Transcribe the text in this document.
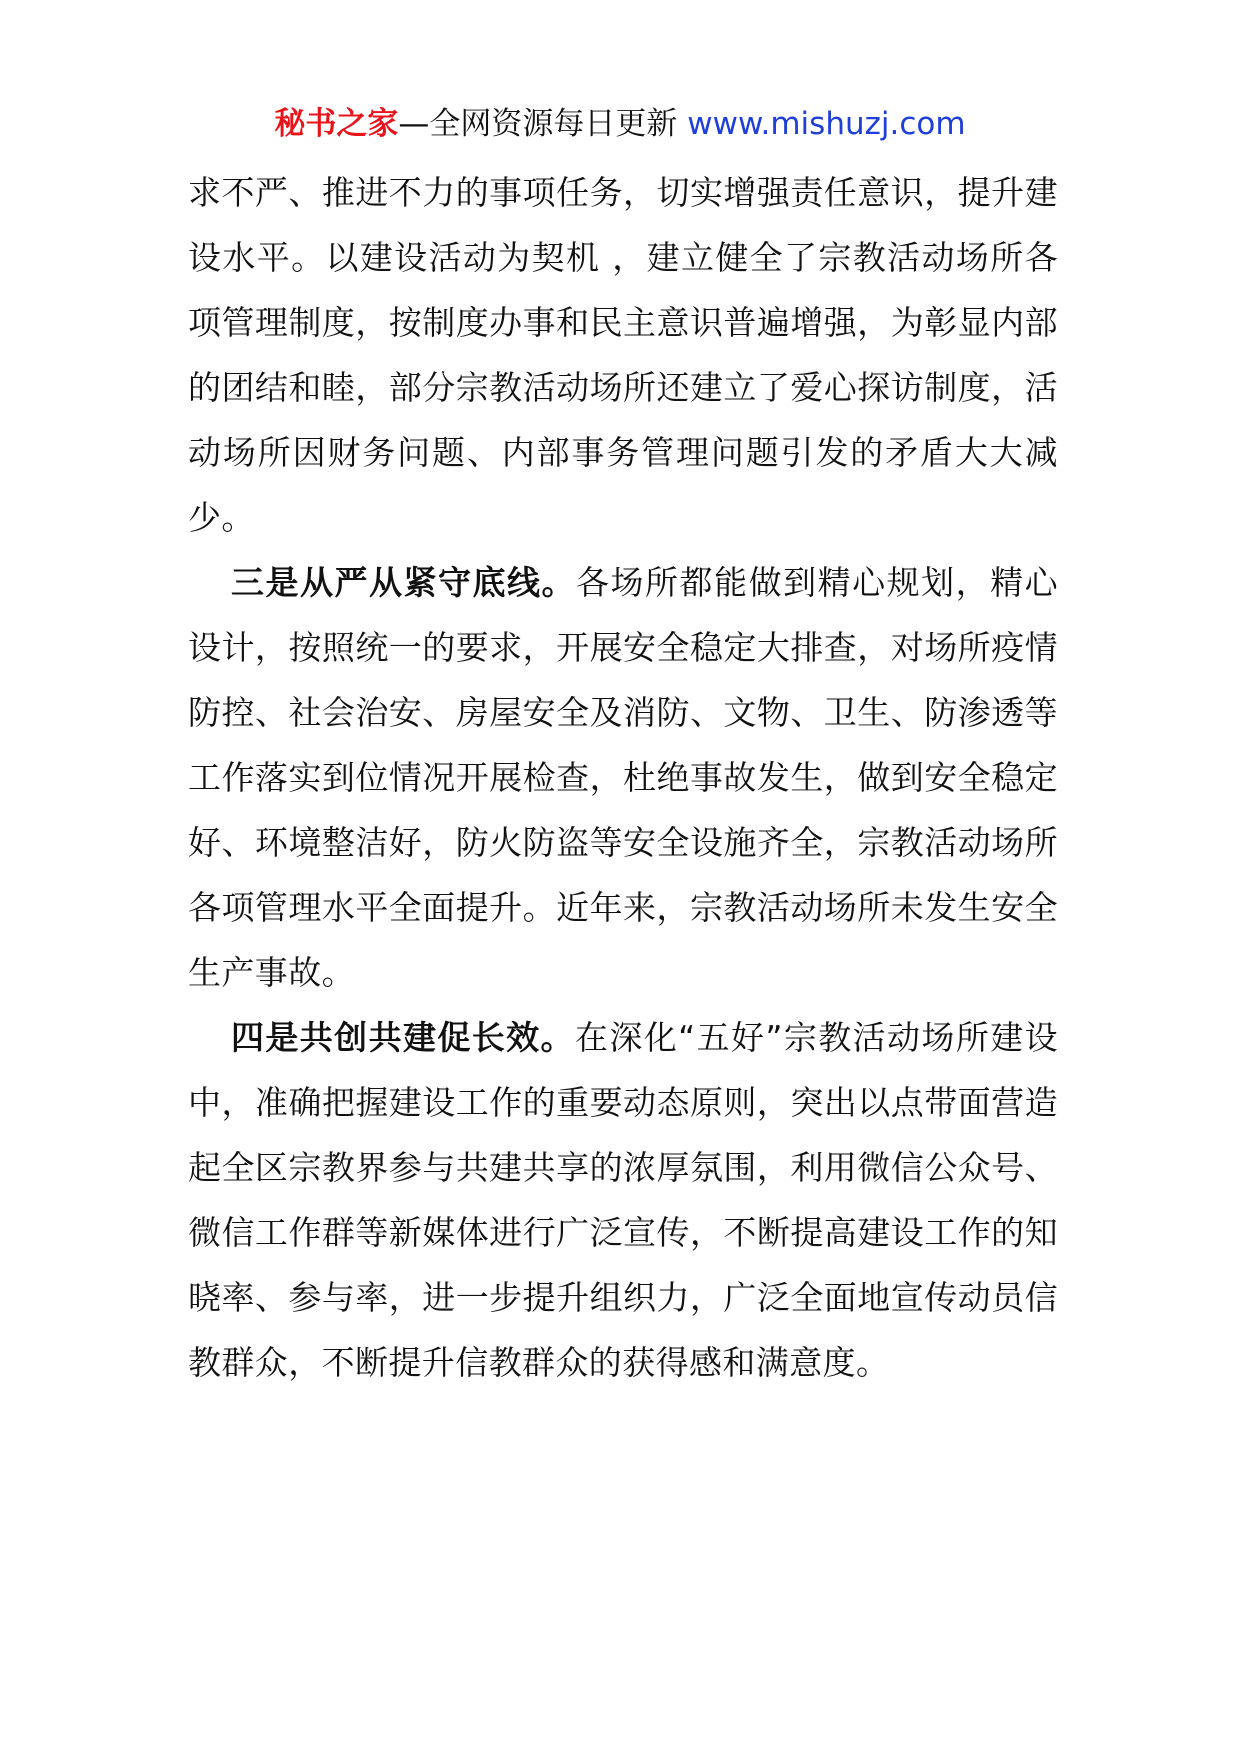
秘书之家—全网资源每日更新 www.mishuzj.com

求不严、推进不力的事项任务，切实增强责任意识，提升建设水平。以建设活动为契机 ，建立健全了宗教活动场所各项管理制度，按制度办事和民主意识普遍增强，为彰显内部的团结和睦，部分宗教活动场所还建立了爱心探访制度，活动场所因财务问题、内部事务管理问题引发的矛盾大大减少。

三是从严从紧守底线。各场所都能做到精心规划，精心设计，按照统一的要求，开展安全稳定大排查，对场所疫情防控、社会治安、房屋安全及消防、文物、卫生、防渗透等工作落实到位情况开展检查，杜绝事故发生，做到安全稳定好、环境整洁好，防火防盗等安全设施齐全，宗教活动场所各项管理水平全面提升。近年来，宗教活动场所未发生安全生产事故。

四是共创共建促长效。在深化“五好”宗教活动场所建设中，准确把握建设工作的重要动态原则，突出以点带面营造起全区宗教界参与共建共享的浓厚氛围，利用微信公众号、微信工作群等新媒体进行广泛宣传，不断提高建设工作的知晓率、参与率，进一步提升组织力，广泛全面地宣传动员信教群众，不断提升信教群众的获得感和满意度。
